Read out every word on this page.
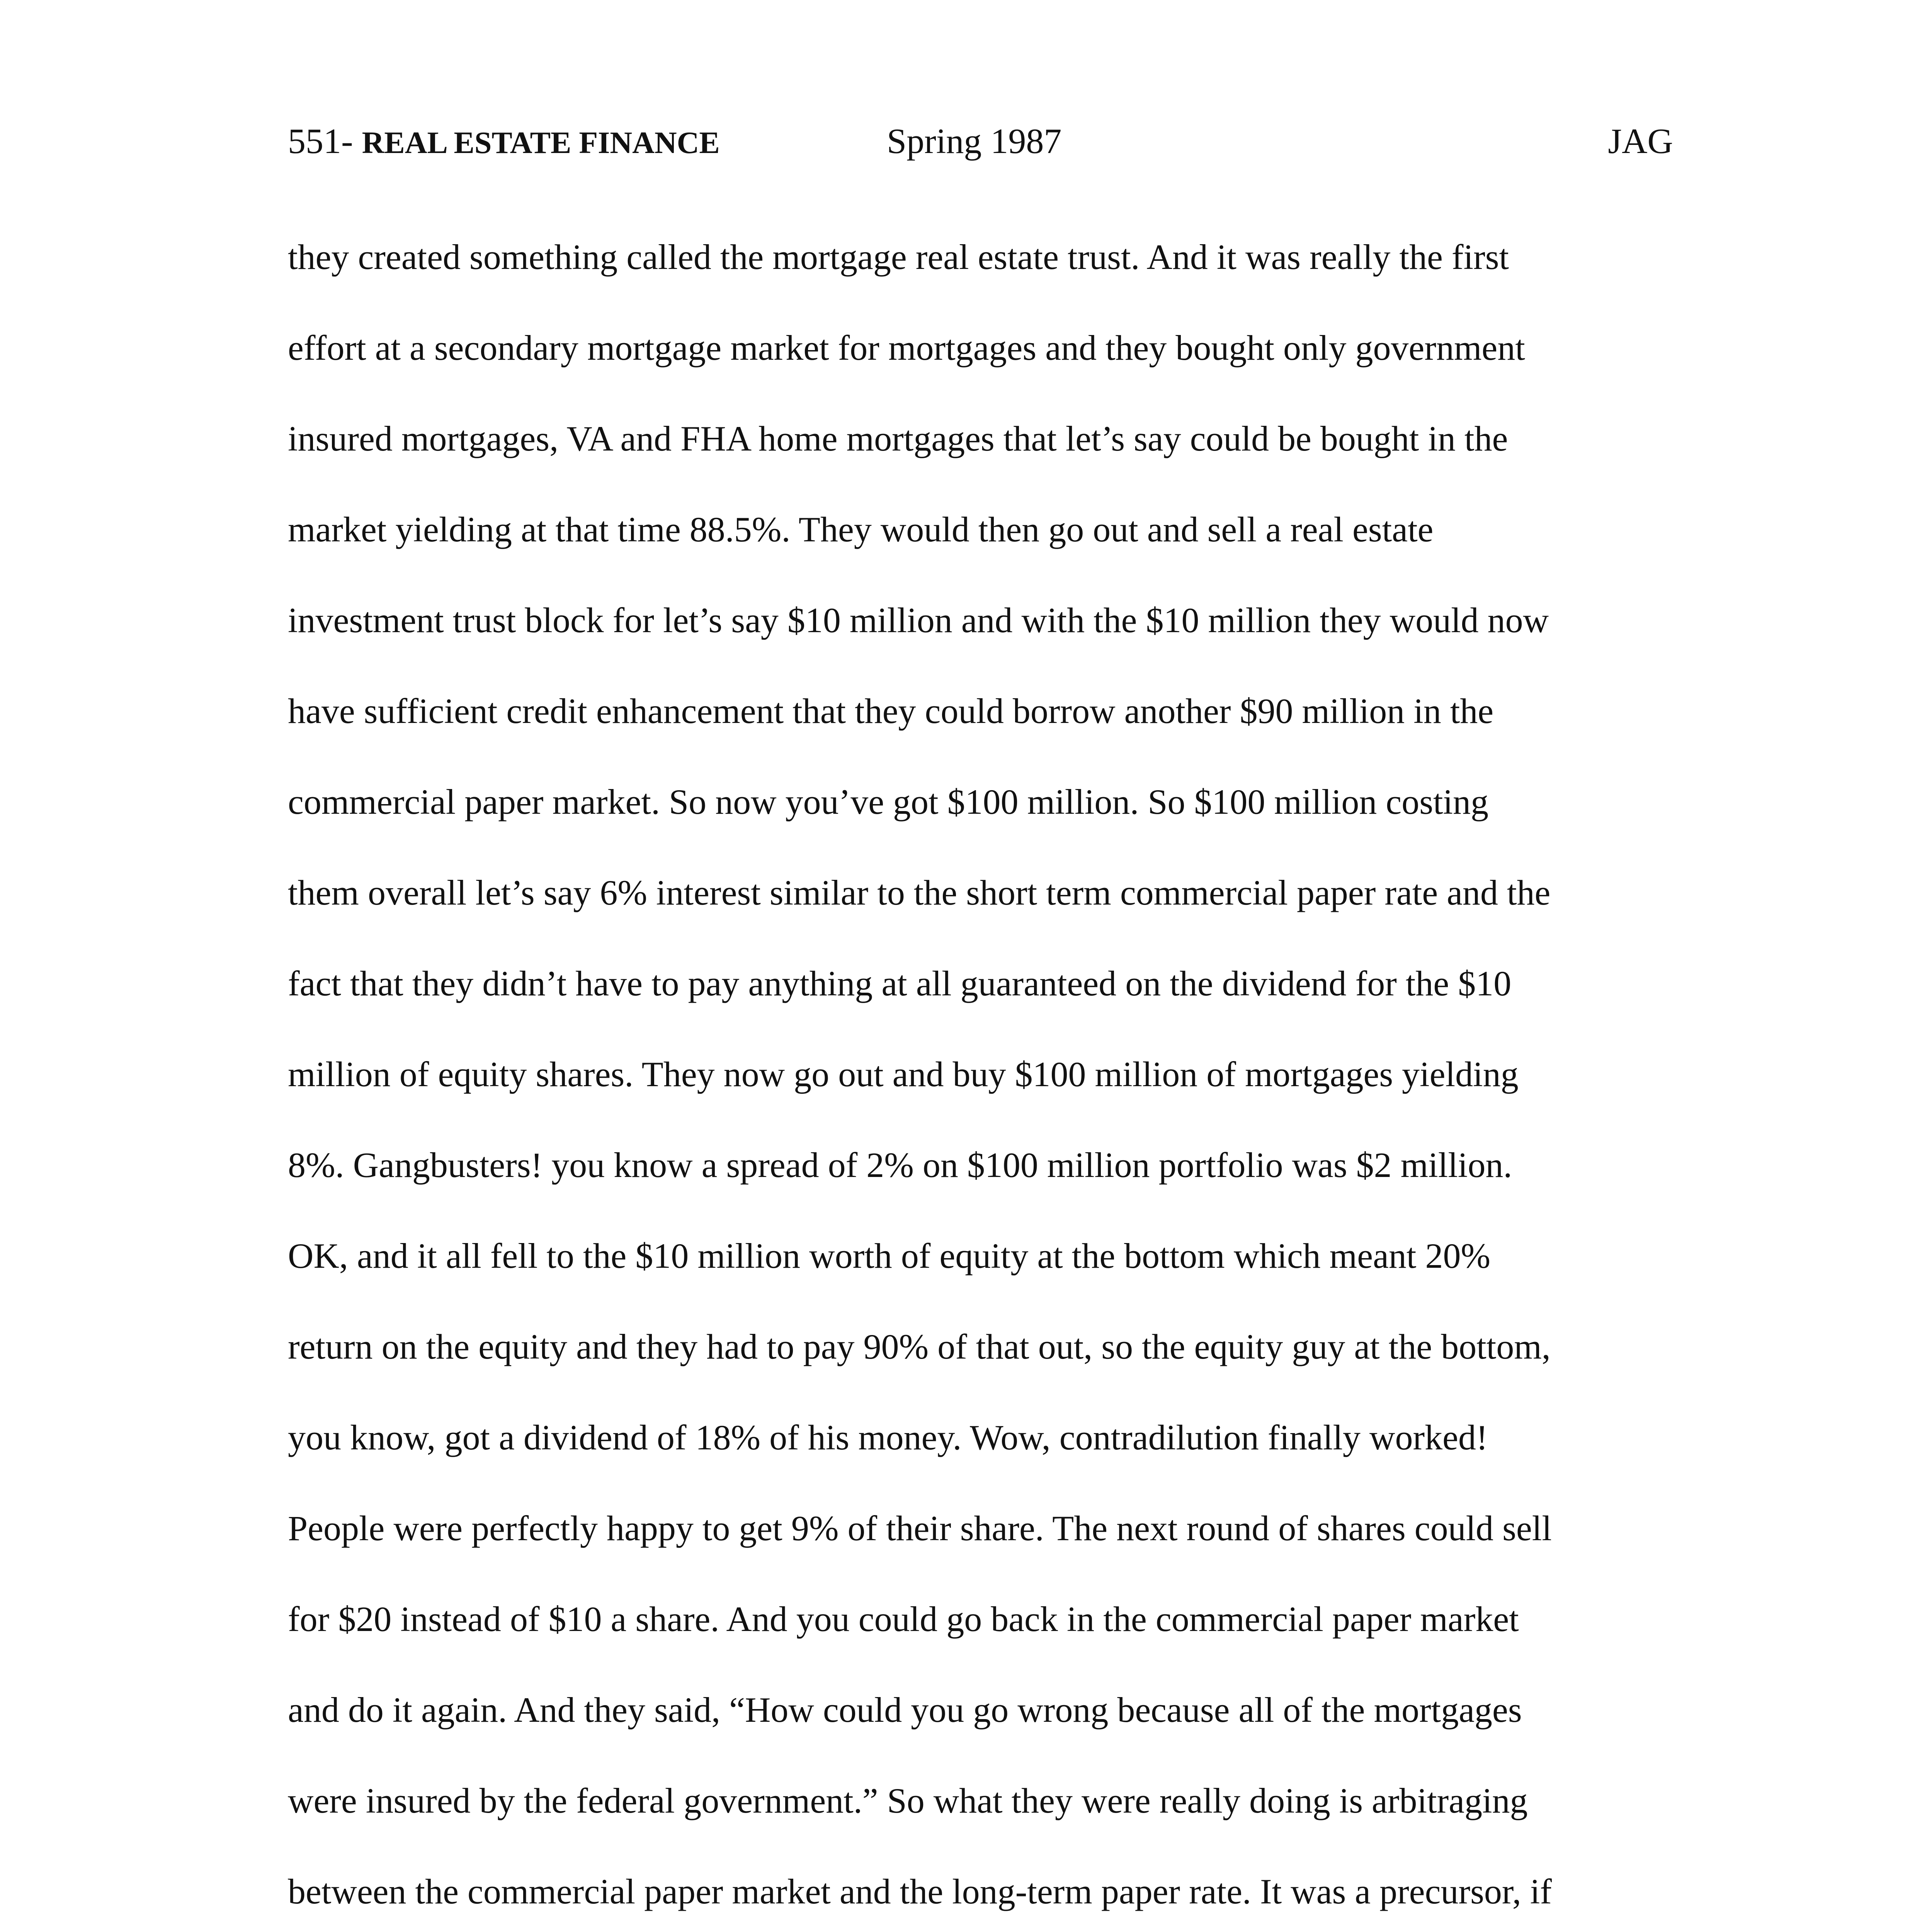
551- REAL ESTATE FINANCE	Spring 1987	JAG
they created something called the mortgage real estate trust. And it was really the first
effort at a secondary mortgage market for mortgages and they bought only government
insured mortgages, VA and FHA home mortgages that let’s say could be bought in the
market yielding at that time 88.5%. They would then go out and sell a real estate
investment trust block for let’s say $10 million and with the $10 million they would now
have sufficient credit enhancement that they could borrow another $90 million in the
commercial paper market. So now you’ve got $100 million. So $100 million costing
them overall let’s say 6% interest similar to the short term commercial paper rate and the
fact that they didn’t have to pay anything at all guaranteed on the dividend for the $10
million of equity shares. They now go out and buy $100 million of mortgages yielding
8%. Gangbusters! you know a spread of 2% on $100 million portfolio was $2 million.
OK, and it all fell to the $10 million worth of equity at the bottom which meant 20%
return on the equity and they had to pay 90% of that out, so the equity guy at the bottom,
you know, got a dividend of 18% of his money. Wow, contradilution finally worked!
People were perfectly happy to get 9% of their share. The next round of shares could sell
for $20 instead of $10 a share. And you could go back in the commercial paper market
and do it again. And they said, “How could you go wrong because all of the mortgages
were insured by the federal government.” So what they were really doing is arbitraging
between the commercial paper market and the long-term paper rate. It was a precursor, if
